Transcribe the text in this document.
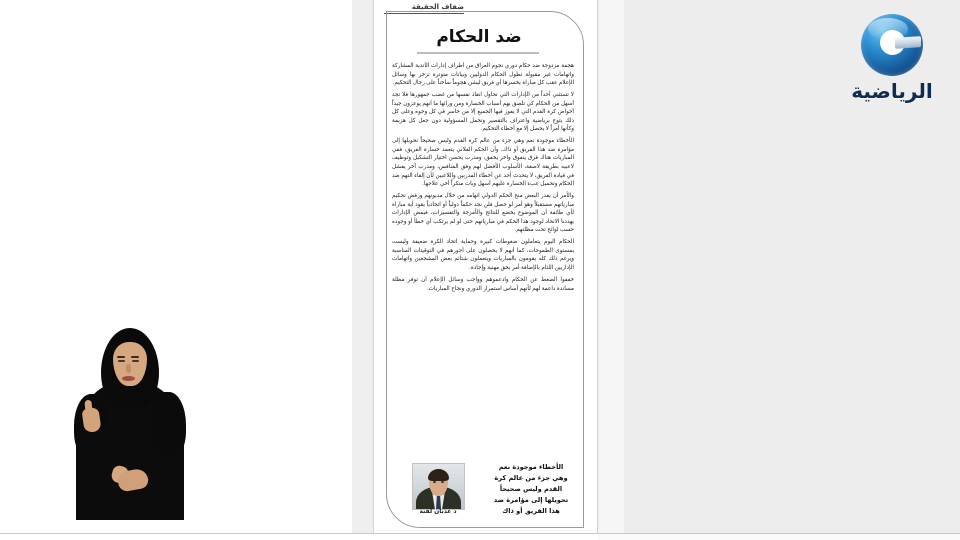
ضفاف الحقيقة
ضد الحكام

هجمة مزدوجة ضد حكام دوري نجوم العراق من أطراف إدارات الأندية المشاركة واتهامات غير مقبولة تطول الحكام الدوليين وبيانات متوترة تزخر بها وسائل الإعلام عقب كل مباراة يخسرها أي فريق ليشن هجوماً ساخناً على رجال التحكيم.

لا تستثني أحداً من الإدارات التي تحاول انقاذ نفسها من غضب جمهورها فلا تجد أسهل من الحكام كي تلصق بهم أسباب الخسارة ومن ورائها ما أنهم يوعزون جيداً أحواض كرة القدم التي لا يفوز فيها الجميع إلا من خاسر في كل وجوه وعلى كل ذلك يتوج برياضية واعتراف بالتقصير وتحمل المسؤولية دون جعل كل هزيمة وكأنها أمراً لا يحصل إلا مع أخطاء التحكيم.

الأخطاء موجودة نعم وهي جزء من عالم كرة القدم وليس صحيحاً تحويلها إلى مؤامرة ضد هذا الفريق أو ذاك، وأن الحكم الفلاني يتعمد خسارة الفريق، ففي المباريات هناك فرق يتفوق واخر يخفق، ومدرب يحسن اختيار التشكيل وتوظيف لاعبيه بطريقة لاصقة، الأسلوب الأفضل لهم وفق المنافس، ومدرب آخر يفشل في قيادة الفريق، لا يتحدث أحد عن أخطاء المدربين واللاعبين لأن إلقاء التهم ضد الحكام وتحميل عبء الخسارة عليهم أسهل وبات منكراً أخي علاجها.

والأمر أن يقدر البعض منح الحكم الدولي اتهامه من خلال مديونهم ورفض تحكيم مبارياتهم مستقبلاً وهو أمر لو حصل فلن نجد حكماً دولياً أو اتحادياً يقود أية مباراة لأي طائفة أن الموضوع يخضع للنتائج والأمزجة والتفسيرات، فيمض الإدارات يهددنا الاتحاد لوجود هذا الحكم في مبارياتهم حتى لو لم يرتكب أي خطأ أو وجوده حسب لوائح تحت مظلتهم.

الحكام اليوم يتعاملون ضغوطات كبيرة وحماية اتحاد الكرة ضعيفة وليست بمستوى الطموحات، كما أنهم لا يحصلون على أجورهم في التوقيتات المناسبة ويرغم ذلك كله يقومون بالمباريات ويتعملون شتائم بعض المشجعين واتهامات الإداريين اللئام بالإضافة أمر بحق مهنية وإجادة.

خففوا الضغط عن الحكام وادعموهم وواجب وسائل الإعلام أن توفر مظلة مساندة داعمة لهم لأنهم أساس استمرار الدوري ونجاح المباريات.

د عدنان لفتة
الأخطاء موجودة نعم
وهي جزء من عالم كرة
القدم وليس صحيحاً
تحويلها إلى مؤامرة ضد
هذا الفريق أو ذاك
الرياضية
